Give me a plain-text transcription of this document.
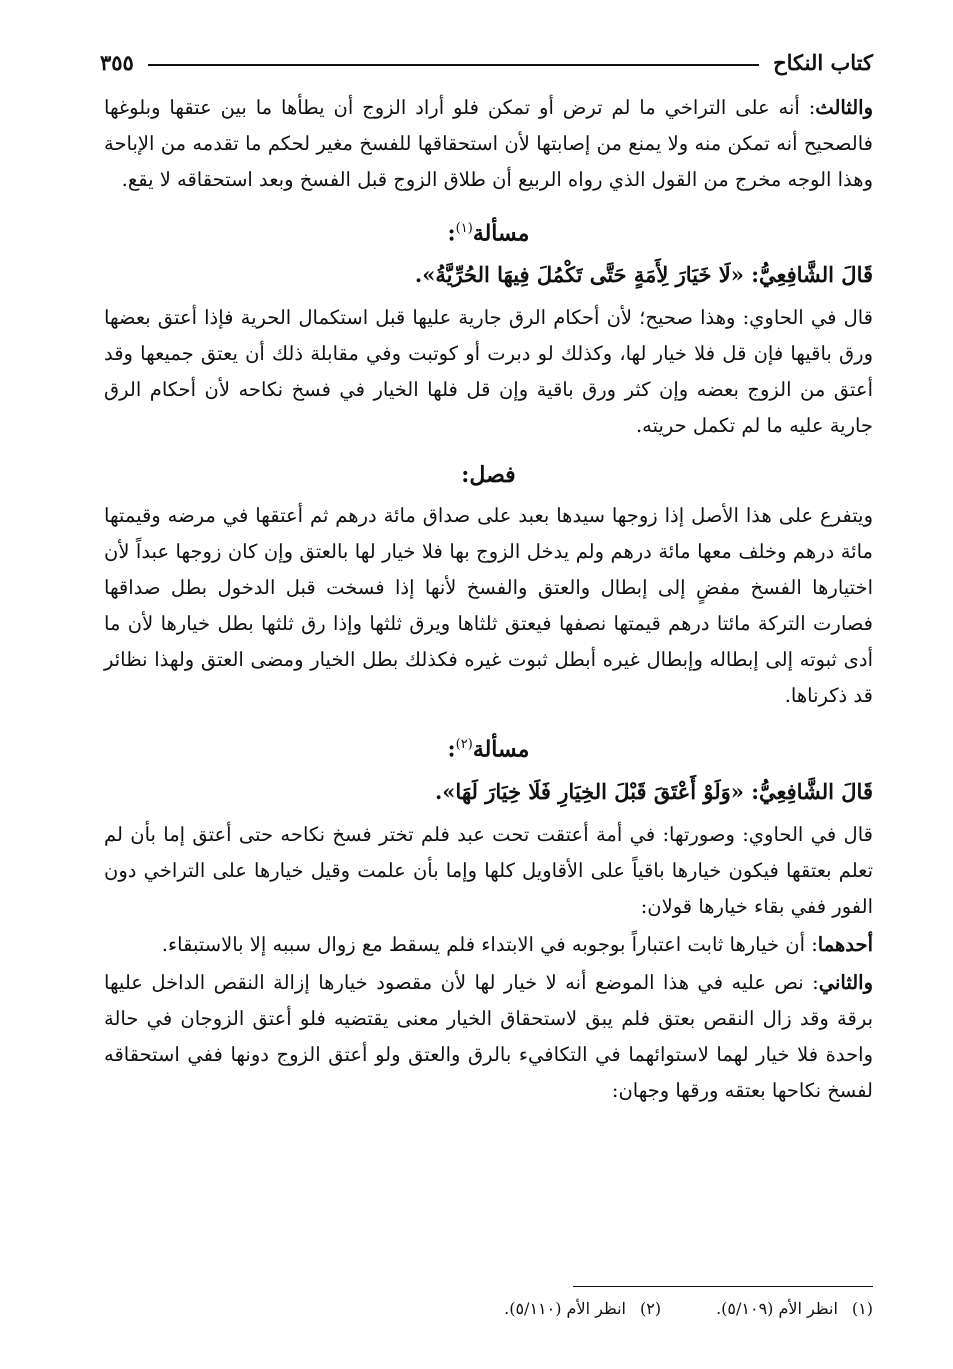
كتاب النكاح
٣٥٥

والثالث: أنه على التراخي ما لم ترض أو تمكن فلو أراد الزوج أن يطأها ما بين عتقها وبلوغها فالصحيح أنه تمكن منه ولا يمنع من إصابتها لأن استحقاقها للفسخ مغير لحكم ما تقدمه من الإباحة وهذا الوجه مخرج من القول الذي رواه الربيع أن طلاق الزوج قبل الفسخ وبعد استحقاقه لا يقع.

مسألة$^{(١)}$:

قَالَ الشَّافِعِيُّ: «لَا خَيَارَ لِأَمَةٍ حَتَّى تَكْمُلَ فِيهَا الحُرِّيَّةُ».

قال في الحاوي: وهذا صحيح؛ لأن أحكام الرق جارية عليها قبل استكمال الحرية فإذا أعتق بعضها ورق باقيها فإن قل فلا خيار لها، وكذلك لو دبرت أو كوتبت وفي مقابلة ذلك أن يعتق جميعها وقد أعتق من الزوج بعضه وإن كثر ورق باقية وإن قل فلها الخيار في فسخ نكاحه لأن أحكام الرق جارية عليه ما لم تكمل حريته.

فصل:

ويتفرع على هذا الأصل إذا زوجها سيدها بعبد على صداق مائة درهم ثم أعتقها في مرضه وقيمتها مائة درهم وخلف معها مائة درهم ولم يدخل الزوج بها فلا خيار لها بالعتق وإن كان زوجها عبداً لأن اختيارها الفسخ مفضٍ إلى إبطال والعتق والفسخ لأنها إذا فسخت قبل الدخول بطل صداقها فصارت التركة مائتا درهم قيمتها نصفها فيعتق ثلثاها ويرق ثلثها وإذا رق ثلثها بطل خيارها لأن ما أدى ثبوته إلى إبطاله وإبطال غيره أبطل ثبوت غيره فكذلك بطل الخيار ومضى العتق ولهذا نظائر قد ذكرناها.

مسألة$^{(٢)}$:

قَالَ الشَّافِعِيُّ: «وَلَوْ أَعْتَقَ قَبْلَ الخِيَارِ فَلَا خِيَارَ لَهَا».

قال في الحاوي: وصورتها: في أمة أعتقت تحت عبد فلم تختر فسخ نكاحه حتى أعتق إما بأن لم تعلم بعتقها فيكون خيارها باقياً على الأقاويل كلها وإما بأن علمت وقيل خيارها على التراخي دون الفور ففي بقاء خيارها قولان:

أحدهما: أن خيارها ثابت اعتباراً بوجوبه في الابتداء فلم يسقط مع زوال سببه إلا بالاستبقاء.

والثاني: نص عليه في هذا الموضع أنه لا خيار لها لأن مقصود خيارها إزالة النقص الداخل عليها برقة وقد زال النقص بعتق فلم يبق لاستحقاق الخيار معنى يقتضيه فلو أعتق الزوجان في حالة واحدة فلا خيار لهما لاستوائهما في التكافيء بالرق والعتق ولو أعتق الزوج دونها ففي استحقاقه لفسخ نكاحها بعتقه ورقها وجهان:

(١)انظر الأم (٥/١٠٩).
(٢)انظر الأم (٥/١١٠).
